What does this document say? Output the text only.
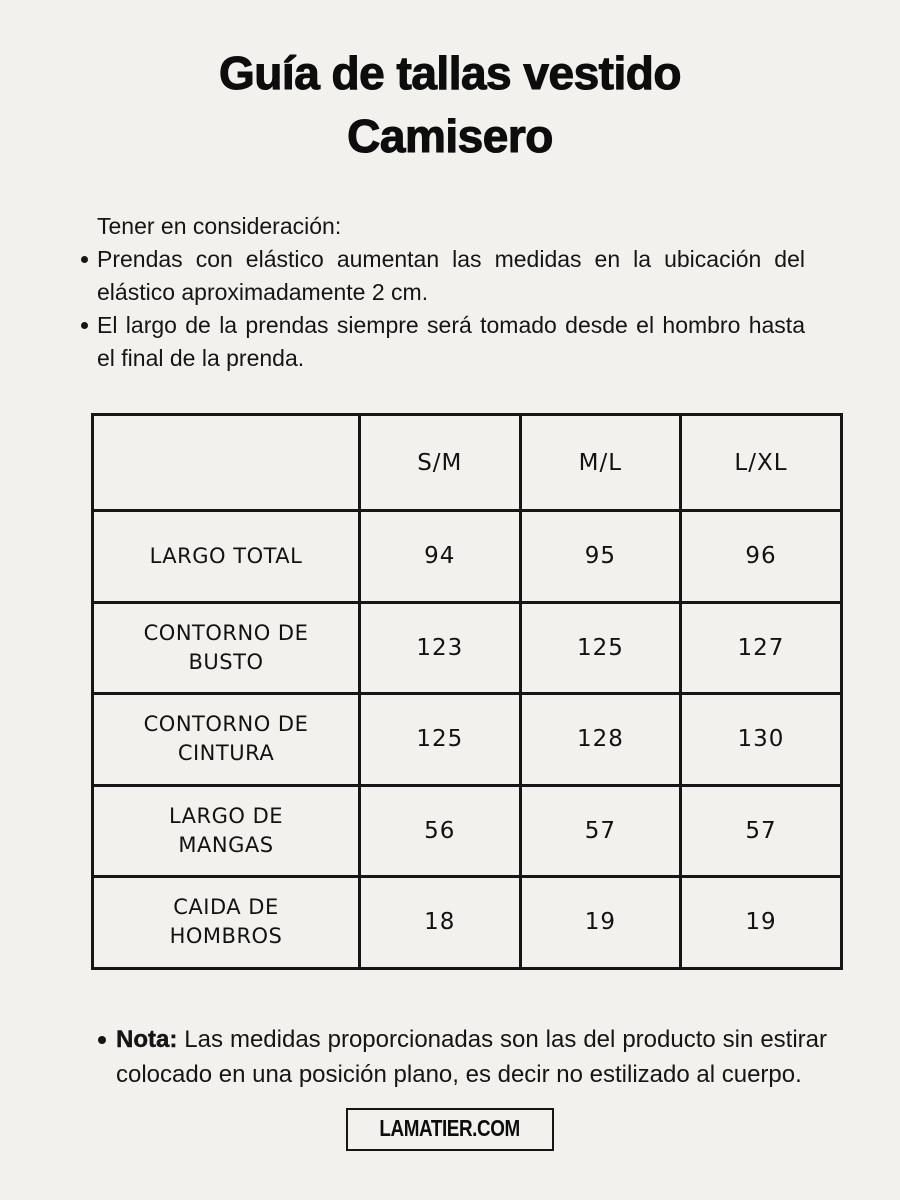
Guía de tallas vestido Camisero
Tener en consideración:
Prendas con elástico aumentan las medidas en la ubicación del elástico aproximadamente 2 cm.
El largo de la prendas siempre será tomado desde el hombro hasta el final de la prenda.
	S/M	M/L	L/XL
LARGO TOTAL	94	95	96
CONTORNO DE BUSTO	123	125	127
CONTORNO DE CINTURA	125	128	130
LARGO DE MANGAS	56	57	57
CAIDA DE HOMBROS	18	19	19
Nota: Las medidas proporcionadas son las del producto sin estirar colocado en una posición plano, es decir no estilizado al cuerpo.
LAMATIER.COM
